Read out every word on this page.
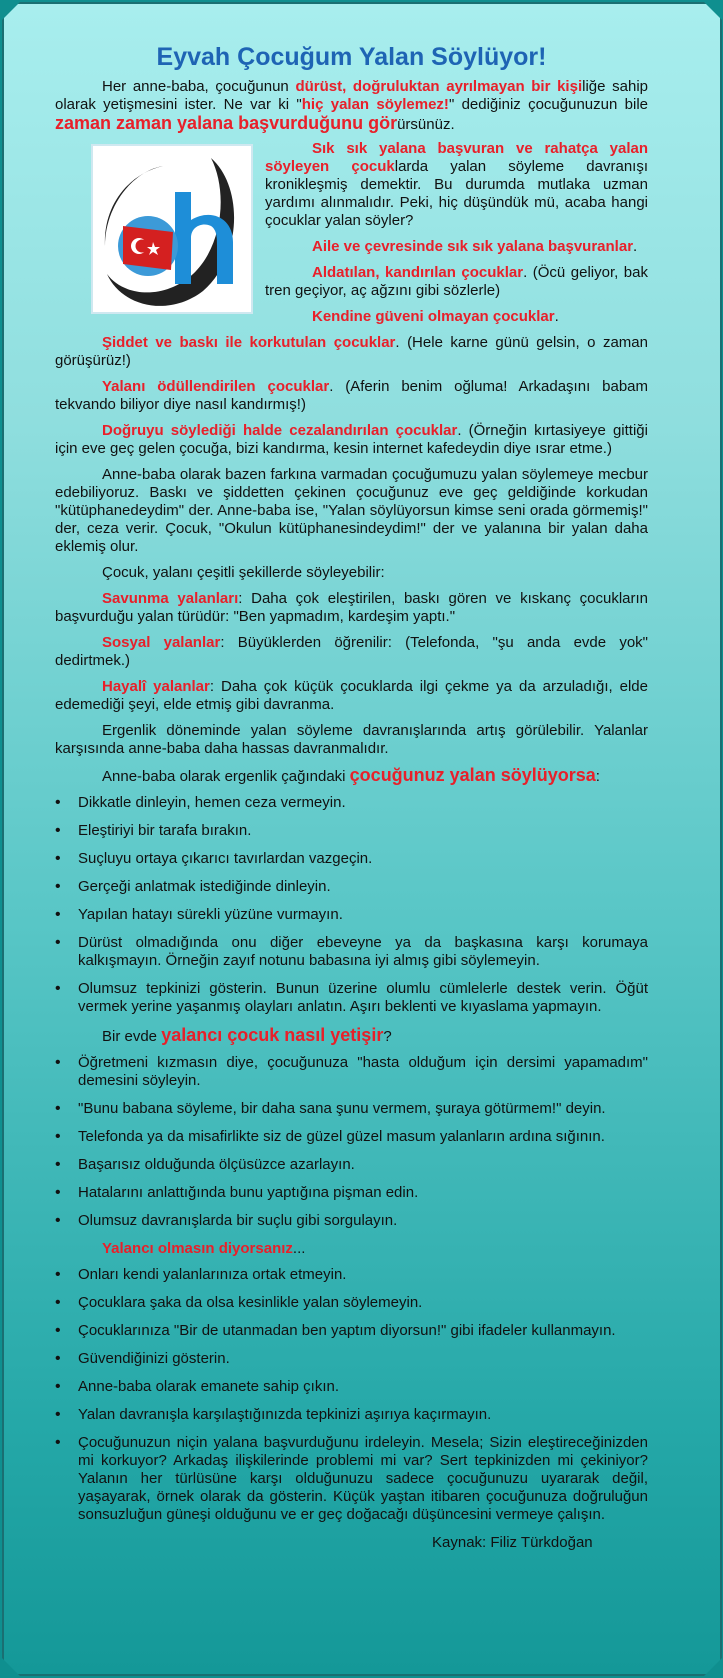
Eyvah Çocuğum Yalan Söylüyor!

Her anne-baba, çocuğunun dürüst, doğruluktan ayrılmayan bir kişiliğe sahip olarak yetişmesini ister. Ne var ki "hiç yalan söylemez!" dediğiniz çocuğunuzun bile zaman zaman yalana başvurduğunu görürsünüz.

Sık sık yalana başvuran ve rahatça yalan söyleyen çocuklarda yalan söyleme davranışı kronikleşmiş demektir. Bu durumda mutlaka uzman yardımı alınmalıdır. Peki, hiç düşündük mü, acaba hangi çocuklar yalan söyler?

Aile ve çevresinde sık sık yalana başvuranlar.

Aldatılan, kandırılan çocuklar. (Öcü geliyor, bak tren geçiyor, aç ağzını gibi sözlerle)

Kendine güveni olmayan çocuklar.

Şiddet ve baskı ile korkutulan çocuklar. (Hele karne günü gelsin, o zaman görüşürüz!)

Yalanı ödüllendirilen çocuklar. (Aferin benim oğluma! Arkadaşını babam tekvando biliyor diye nasıl kandırmış!)

Doğruyu söylediği halde cezalandırılan çocuklar. (Örneğin kırtasiyeye gittiği için eve geç gelen çocuğa, bizi kandırma, kesin internet kafedeydin diye ısrar etme.)

Anne-baba olarak bazen farkına varmadan çocuğumuzu yalan söylemeye mecbur edebiliyoruz. Baskı ve şiddetten çekinen çocuğunuz eve geç geldiğinde korkudan "kütüphanedeydim" der. Anne-baba ise, "Yalan söylüyorsun kimse seni orada görmemiş!" der, ceza verir. Çocuk, "Okulun kütüphanesindeydim!" der ve yalanına bir yalan daha eklemiş olur.

Çocuk, yalanı çeşitli şekillerde söyleyebilir:

Savunma yalanları: Daha çok eleştirilen, baskı gören ve kıskanç çocukların başvurduğu yalan türüdür: "Ben yapmadım, kardeşim yaptı."

Sosyal yalanlar: Büyüklerden öğrenilir: (Telefonda, "şu anda evde yok" dedirtmek.)

Hayalî yalanlar: Daha çok küçük çocuklarda ilgi çekme ya da arzuladığı, elde edemediği şeyi, elde etmiş gibi davranma.

Ergenlik döneminde yalan söyleme davranışlarında artış görülebilir. Yalanlar karşısında anne-baba daha hassas davranmalıdır.

Anne-baba olarak ergenlik çağındaki çocuğunuz yalan söylüyorsa:

• Dikkatle dinleyin, hemen ceza vermeyin.
• Eleştiriyi bir tarafa bırakın.
• Suçluyu ortaya çıkarıcı tavırlardan vazgeçin.
• Gerçeği anlatmak istediğinde dinleyin.
• Yapılan hatayı sürekli yüzüne vurmayın.
• Dürüst olmadığında onu diğer ebeveyne ya da başkasına karşı korumaya kalkışmayın. Örneğin zayıf notunu babasına iyi almış gibi söylemeyin.
• Olumsuz tepkinizi gösterin. Bunun üzerine olumlu cümlelerle destek verin. Öğüt vermek yerine yaşanmış olayları anlatın. Aşırı beklenti ve kıyaslama yapmayın.

Bir evde yalancı çocuk nasıl yetişir?

• Öğretmeni kızmasın diye, çocuğunuza "hasta olduğum için dersimi yapamadım" demesini söyleyin.
• "Bunu babana söyleme, bir daha sana şunu vermem, şuraya götürmem!" deyin.
• Telefonda ya da misafirlikte siz de güzel güzel masum yalanların ardına sığının.
• Başarısız olduğunda ölçüsüzce azarlayın.
• Hatalarını anlattığında bunu yaptığına pişman edin.
• Olumsuz davranışlarda bir suçlu gibi sorgulayın.

Yalancı olmasın diyorsanız...

• Onları kendi yalanlarınıza ortak etmeyin.
• Çocuklara şaka da olsa kesinlikle yalan söylemeyin.
• Çocuklarınıza "Bir de utanmadan ben yaptım diyorsun!" gibi ifadeler kullanmayın.
• Güvendiğinizi gösterin.
• Anne-baba olarak emanete sahip çıkın.
• Yalan davranışla karşılaştığınızda tepkinizi aşırıya kaçırmayın.
• Çocuğunuzun niçin yalana başvurduğunu irdeleyin. Mesela; Sizin eleştireceğinizden mi korkuyor? Arkadaş ilişkilerinde problemi mi var? Sert tepkinizden mi çekiniyor? Yalanın her türlüsüne karşı olduğunuzu sadece çocuğunuzu uyararak değil, yaşayarak, örnek olarak da gösterin. Küçük yaştan itibaren çocuğunuza doğruluğun sonsuzluğun güneşi olduğunu ve er geç doğacağı düşüncesini vermeye çalışın.

Kaynak: Filiz Türkdoğan
